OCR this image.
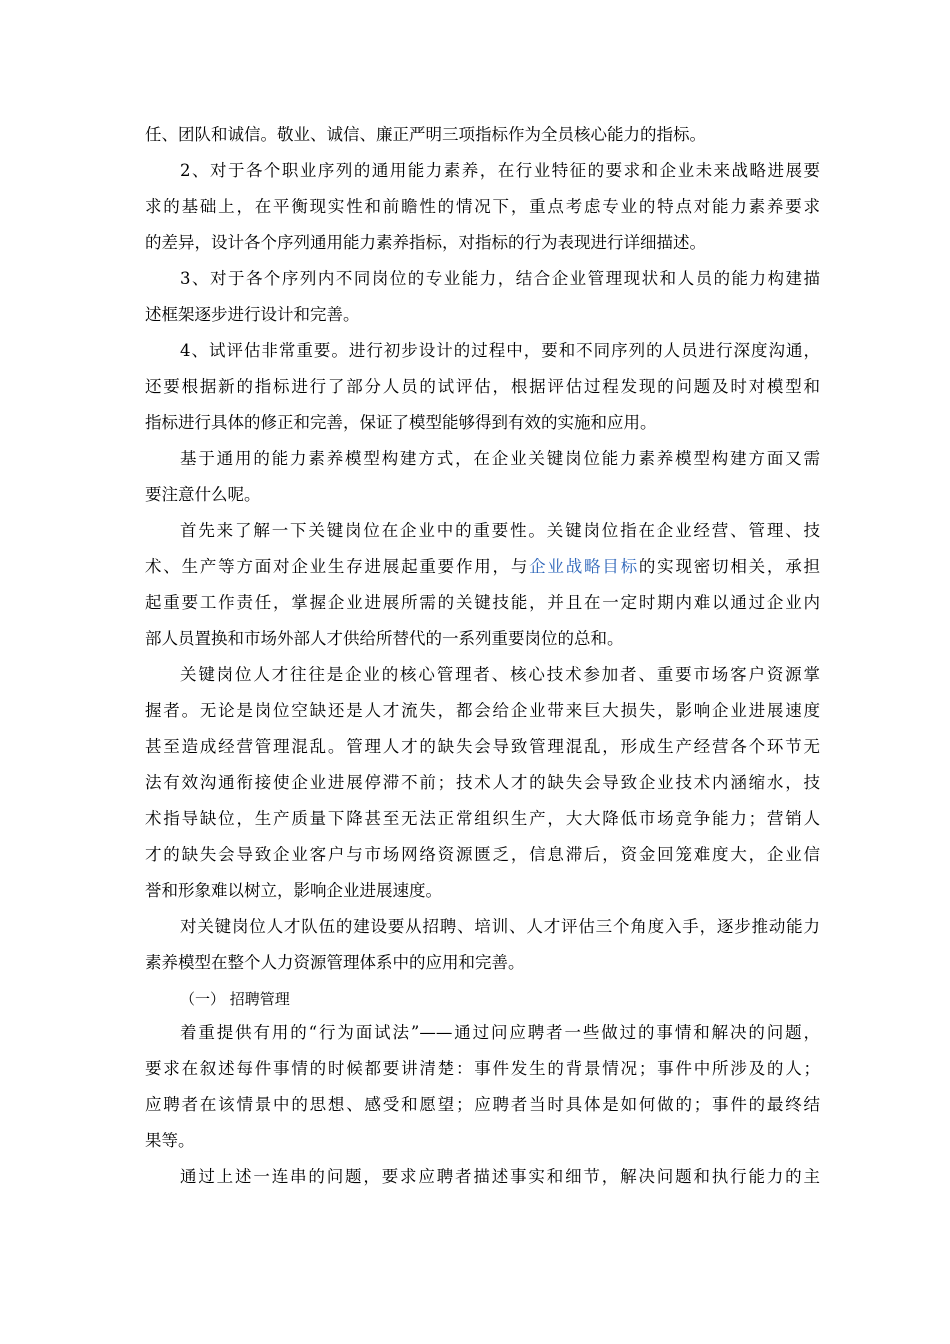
任、团队和诚信。敬业、诚信、廉正严明三项指标作为全员核心能力的指标。
2、对于各个职业序列的通用能力素养，在行业特征的要求和企业未来战略进展要
求的基础上，在平衡现实性和前瞻性的情况下，重点考虑专业的特点对能力素养要求
的差异，设计各个序列通用能力素养指标，对指标的行为表现进行详细描述。
3、对于各个序列内不同岗位的专业能力，结合企业管理现状和人员的能力构建描
述框架逐步进行设计和完善。
4、试评估非常重要。进行初步设计的过程中，要和不同序列的人员进行深度沟通，
还要根据新的指标进行了部分人员的试评估，根据评估过程发现的问题及时对模型和
指标进行具体的修正和完善，保证了模型能够得到有效的实施和应用。
基于通用的能力素养模型构建方式，在企业关键岗位能力素养模型构建方面又需
要注意什么呢。
首先来了解一下关键岗位在企业中的重要性。关键岗位指在企业经营、管理、技
术、生产等方面对企业生存进展起重要作用，与企业战略目标的实现密切相关，承担
起重要工作责任，掌握企业进展所需的关键技能，并且在一定时期内难以通过企业内
部人员置换和市场外部人才供给所替代的一系列重要岗位的总和。
关键岗位人才往往是企业的核心管理者、核心技术参加者、重要市场客户资源掌
握者。无论是岗位空缺还是人才流失，都会给企业带来巨大损失，影响企业进展速度
甚至造成经营管理混乱。管理人才的缺失会导致管理混乱，形成生产经营各个环节无
法有效沟通衔接使企业进展停滞不前；技术人才的缺失会导致企业技术内涵缩水，技
术指导缺位，生产质量下降甚至无法正常组织生产，大大降低市场竞争能力；营销人
才的缺失会导致企业客户与市场网络资源匮乏，信息滞后，资金回笼难度大，企业信
誉和形象难以树立，影响企业进展速度。
对关键岗位人才队伍的建设要从招聘、培训、人才评估三个角度入手，逐步推动能力
素养模型在整个人力资源管理体系中的应用和完善。
（一） 招聘管理
着重提供有用的“行为面试法”——通过问应聘者一些做过的事情和解决的问题，
要求在叙述每件事情的时候都要讲清楚：事件发生的背景情况；事件中所涉及的人；
应聘者在该情景中的思想、感受和愿望；应聘者当时具体是如何做的；事件的最终结
果等。
通过上述一连串的问题，要求应聘者描述事实和细节，解决问题和执行能力的主
